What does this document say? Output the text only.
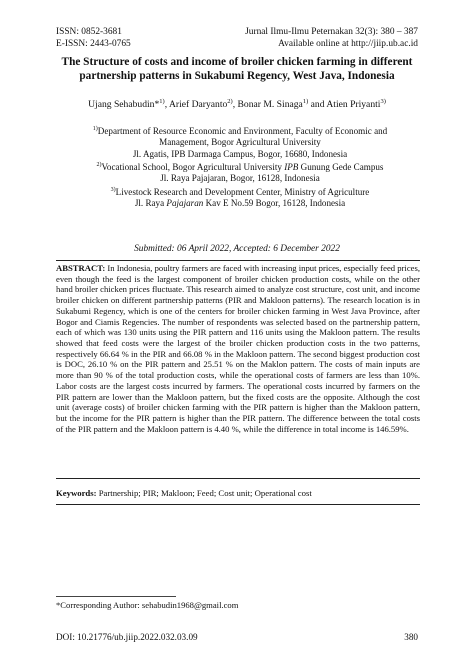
ISSN: 0852-3681
E-ISSN: 2443-0765
Jurnal Ilmu-Ilmu Peternakan 32(3): 380 – 387
Available online at http://jiip.ub.ac.id
The Structure of costs and income of broiler chicken farming in different
partnership patterns in Sukabumi Regency, West Java, Indonesia
Ujang Sehabudin*$^{1)}$, Arief Daryanto$^{2)}$, Bonar M. Sinaga$^{1)}$ and Atien Priyanti$^{3)}$
$^{1)}$Department of Resource Economic and Environment, Faculty of Economic and
Management, Bogor Agricultural University
Jl. Agatis, IPB Darmaga Campus, Bogor, 16680, Indonesia
$^{2)}$Vocational School, Bogor Agricultural University IPB Gunung Gede Campus
Jl. Raya Pajajaran, Bogor, 16128, Indonesia
$^{3)}$Livestock Research and Development Center, Ministry of Agriculture
Jl. Raya Pajajaran Kav E No.59 Bogor, 16128, Indonesia
Submitted: 06 April 2022, Accepted: 6 December 2022
ABSTRACT: In Indonesia, poultry farmers are faced with increasing input prices, especially feed prices, even though the feed is the largest component of broiler chicken production costs, while on the other hand broiler chicken prices fluctuate. This research aimed to analyze cost structure, cost unit, and income broiler chicken on different partnership patterns (PIR and Makloon patterns). The research location is in Sukabumi Regency, which is one of the centers for broiler chicken farming in West Java Province, after Bogor and Ciamis Regencies. The number of respondents was selected based on the partnership pattern, each of which was 130 units using the PIR pattern and 116 units using the Makloon pattern. The results showed that feed costs were the largest of the broiler chicken production costs in the two patterns, respectively 66.64 % in the PIR and 66.08 % in the Makloon pattern. The second biggest production cost is DOC, 26.10 % on the PIR pattern and 25.51 % on the Maklon pattern. The costs of main inputs are more than 90 % of the total production costs, while the operational costs of farmers are less than 10%. Labor costs are the largest costs incurred by farmers. The operational costs incurred by farmers on the PIR pattern are lower than the Makloon pattern, but the fixed costs are the opposite. Although the cost unit (average costs) of broiler chicken farming with the PIR pattern is higher than the Makloon pattern, but the income for the PIR pattern is higher than the PIR pattern. The difference between the total costs of the PIR pattern and the Makloon pattern is 4.40 %, while the difference in total income is 146.59%.
Keywords: Partnership; PIR; Makloon; Feed; Cost unit; Operational cost
*Corresponding Author: sehabudin1968@gmail.com
DOI: 10.21776/ub.jiip.2022.032.03.09	380
